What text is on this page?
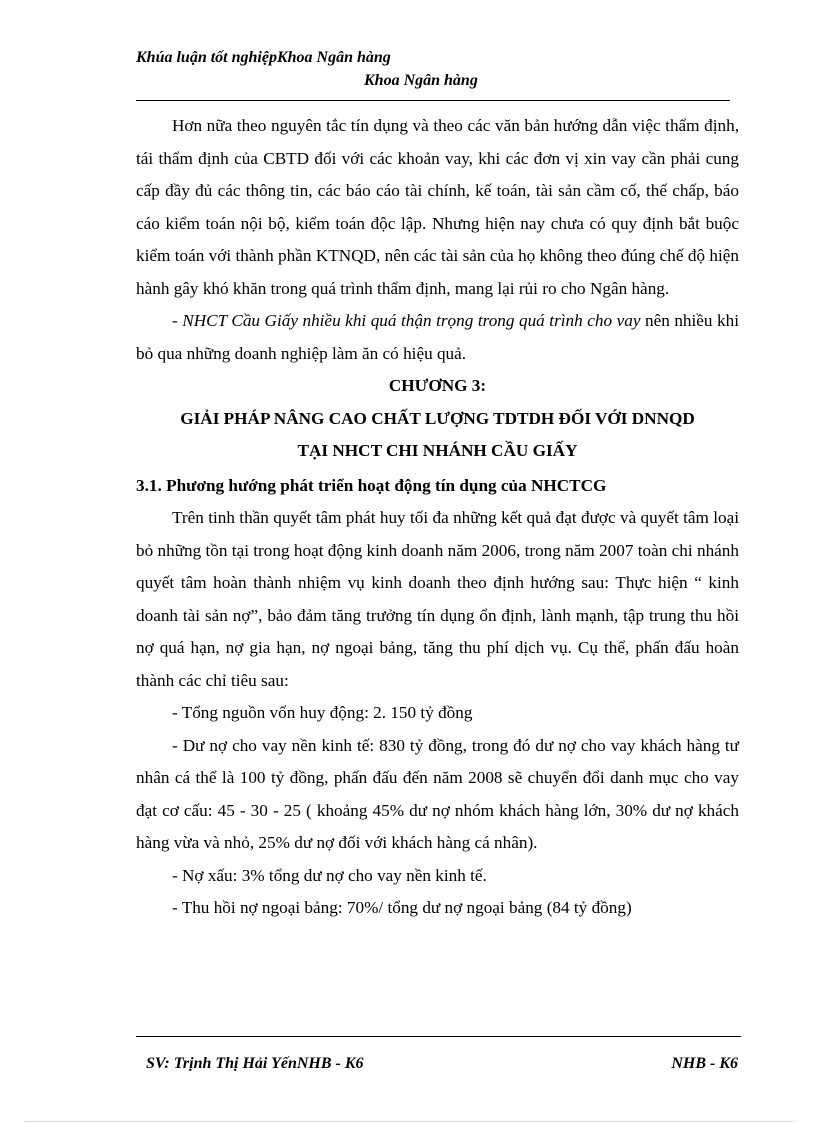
Khúa luận tốt nghiệpKhoa Ngân hàng
Khoa Ngân hàng

Hơn nữa theo nguyên tắc tín dụng và theo các văn bản hướng dẫn việc thẩm định, tái thẩm định của CBTD đối với các khoản vay, khi các đơn vị xin vay cần phải cung cấp đầy đủ các thông tin, các báo cáo tài chính, kế toán, tài sản cầm cố, thế chấp, báo cáo kiểm toán nội bộ, kiểm toán độc lập. Nhưng hiện nay chưa có quy định bắt buộc kiểm toán với thành phần KTNQD, nên các tài sản của họ không theo đúng chế độ hiện hành gây khó khăn trong quá trình thẩm định, mang lại rủi ro cho Ngân hàng.

- NHCT Cầu Giấy nhiều khi quá thận trọng trong quá trình cho vay nên nhiều khi bỏ qua những doanh nghiệp làm ăn có hiệu quả.

CHƯƠNG 3:

GIẢI PHÁP NÂNG CAO CHẤT LƯỢNG TDTDH ĐỐI VỚI DNNQD

TẠI NHCT CHI NHÁNH CẦU GIẤY

3.1. Phương hướng phát triển hoạt động tín dụng của NHCTCG

Trên tinh thần quyết tâm phát huy tối đa những kết quả đạt được và quyết tâm loại bỏ những tồn tại trong hoạt động kinh doanh năm 2006, trong năm 2007 toàn chi nhánh quyết tâm hoàn thành nhiệm vụ kinh doanh theo định hướng sau: Thực hiện “ kinh doanh tài sản nợ”, bảo đảm tăng trưởng tín dụng ổn định, lành mạnh, tập trung thu hồi nợ quá hạn, nợ gia hạn, nợ ngoại bảng, tăng thu phí dịch vụ. Cụ thể, phấn đấu hoàn thành các chỉ tiêu sau:

- Tổng nguồn vốn huy động: 2. 150 tỷ đồng

- Dư nợ cho vay nền kinh tế: 830 tỷ đồng, trong đó dư nợ cho vay khách hàng tư nhân cá thể là 100 tỷ đồng, phấn đấu đến năm 2008 sẽ chuyển đổi danh mục cho vay đạt cơ cấu: 45 - 30 - 25 ( khoảng 45% dư nợ nhóm khách hàng lớn, 30% dư nợ khách hàng vừa và nhỏ, 25% dư nợ đối với khách hàng cá nhân).

- Nợ xấu: 3% tổng dư nợ cho vay nền kinh tế.

- Thu hồi nợ ngoại bảng: 70%/ tổng dư nợ ngoại bảng (84 tỷ đồng)

SV: Trịnh Thị Hải YếnNHB - K6	NHB - K6
